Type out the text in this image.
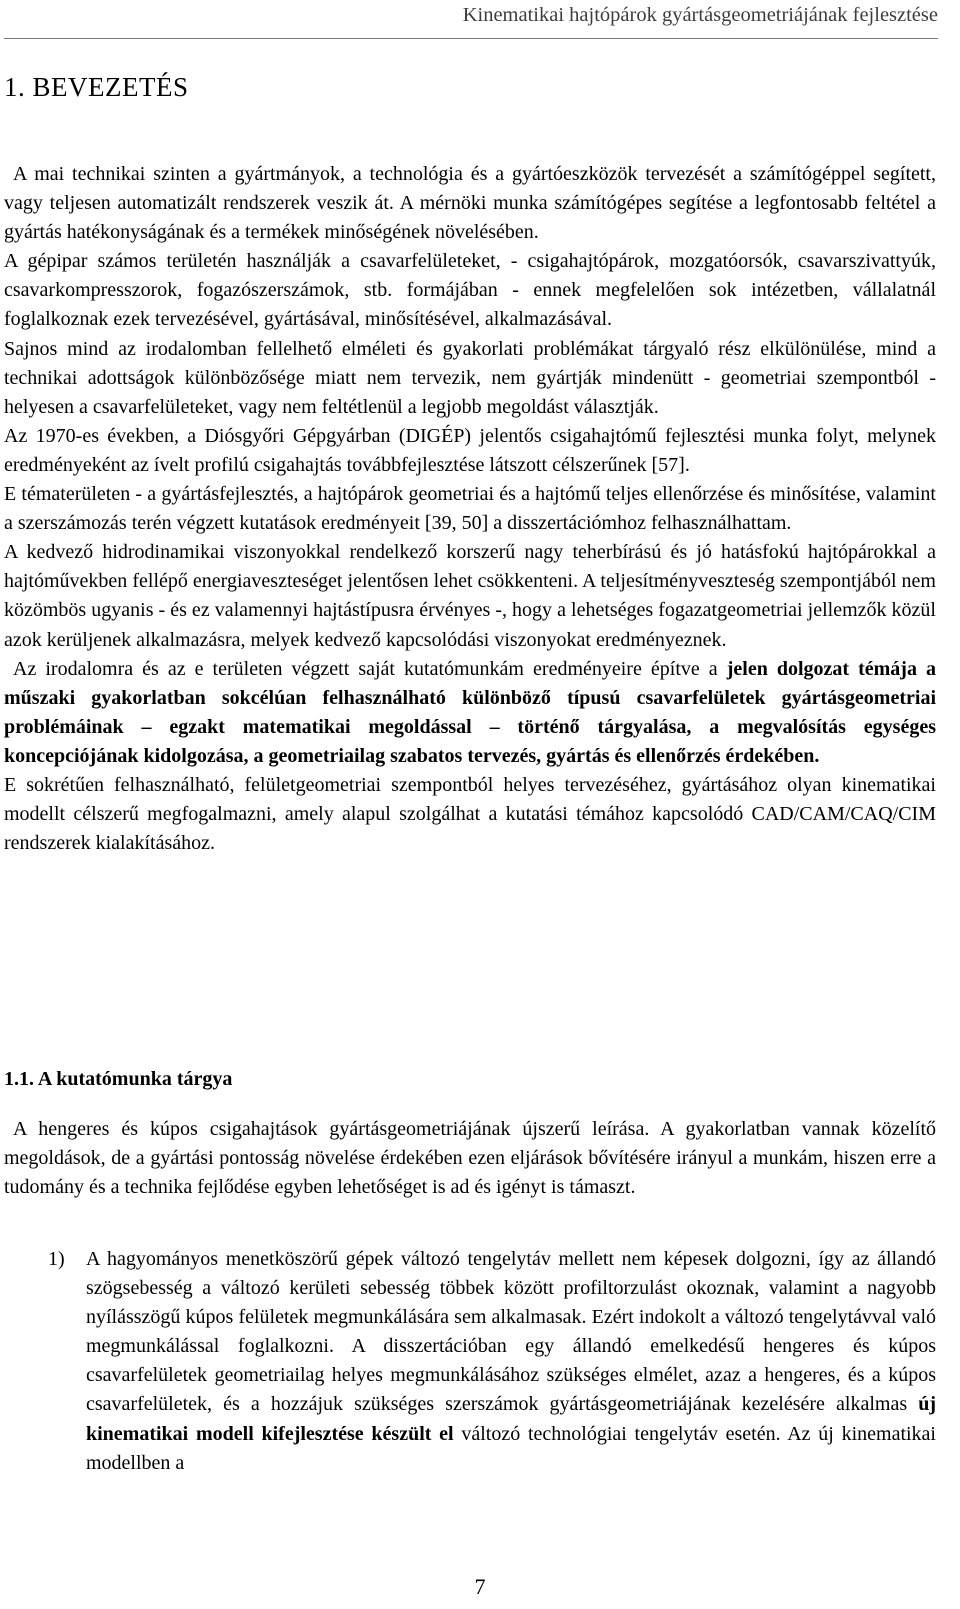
Kinematikai hajtópárok gyártásgeometriájának fejlesztése
1. BEVEZETÉS

A mai technikai szinten a gyártmányok, a technológia és a gyártóeszközök tervezését a számítógéppel segített, vagy teljesen automatizált rendszerek veszik át. A mérnöki munka számítógépes segítése a legfontosabb feltétel a gyártás hatékonyságának és a termékek minőségének növelésében.

A gépipar számos területén használják a csavarfelületeket, - csigahajtópárok, mozgatóorsók, csavarszivattyúk, csavarkompresszorok, fogazószerszámok, stb. formájában - ennek megfelelően sok intézetben, vállalatnál foglalkoznak ezek tervezésével, gyártásával, minősítésével, alkalmazásával.

Sajnos mind az irodalomban fellelhető elméleti és gyakorlati problémákat tárgyaló rész elkülönülése, mind a technikai adottságok különbözősége miatt nem tervezik, nem gyártják mindenütt - geometriai szempontból - helyesen a csavarfelületeket, vagy nem feltétlenül a legjobb megoldást választják.

Az 1970-es években, a Diósgyőri Gépgyárban (DIGÉP) jelentős csigahajtómű fejlesztési munka folyt, melynek eredményeként az ívelt profilú csigahajtás továbbfejlesztése látszott célszerűnek [57].

E tématerületen - a gyártásfejlesztés, a hajtópárok geometriai és a hajtómű teljes ellenőrzése és minősítése, valamint a szerszámozás terén végzett kutatások eredményeit [39, 50] a disszertációmhoz felhasználhattam.

A kedvező hidrodinamikai viszonyokkal rendelkező korszerű nagy teherbírású és jó hatásfokú hajtópárokkal a hajtóművekben fellépő energiaveszteséget jelentősen lehet csökkenteni. A teljesítményveszteség szempontjából nem közömbös ugyanis - és ez valamennyi hajtástípusra érvényes -, hogy a lehetséges fogazatgeometriai jellemzők közül azok kerüljenek alkalmazásra, melyek kedvező kapcsolódási viszonyokat eredményeznek.

Az irodalomra és az e területen végzett saját kutatómunkám eredményeire építve a jelen dolgozat témája a műszaki gyakorlatban sokcélúan felhasználható különböző típusú csavarfelületek gyártásgeometriai problémáinak – egzakt matematikai megoldással – történő tárgyalása, a megvalósítás egységes koncepciójának kidolgozása, a geometriailag szabatos tervezés, gyártás és ellenőrzés érdekében.

E sokrétűen felhasználható, felületgeometriai szempontból helyes tervezéséhez, gyártásához olyan kinematikai modellt célszerű megfogalmazni, amely alapul szolgálhat a kutatási témához kapcsolódó CAD/CAM/CAQ/CIM rendszerek kialakításához.

1.1. A kutatómunka tárgya

A hengeres és kúpos csigahajtások gyártásgeometriájának újszerű leírása. A gyakorlatban vannak közelítő megoldások, de a gyártási pontosság növelése érdekében ezen eljárások bővítésére irányul a munkám, hiszen erre a tudomány és a technika fejlődése egyben lehetőséget is ad és igényt is támaszt.

1) A hagyományos menetköszörű gépek változó tengelytáv mellett nem képesek dolgozni, így az állandó szögsebesség a változó kerületi sebesség többek között profiltorzulást okoznak, valamint a nagyobb nyílásszögű kúpos felületek megmunkálására sem alkalmasak. Ezért indokolt a változó tengelytávval való megmunkálással foglalkozni. A disszertációban egy állandó emelkedésű hengeres és kúpos csavarfelületek geometriailag helyes megmunkálásához szükséges elmélet, azaz a hengeres, és a kúpos csavarfelületek, és a hozzájuk szükséges szerszámok gyártásgeometriájának kezelésére alkalmas új kinematikai modell kifejlesztése készült el változó technológiai tengelytáv esetén. Az új kinematikai modellben a
7
